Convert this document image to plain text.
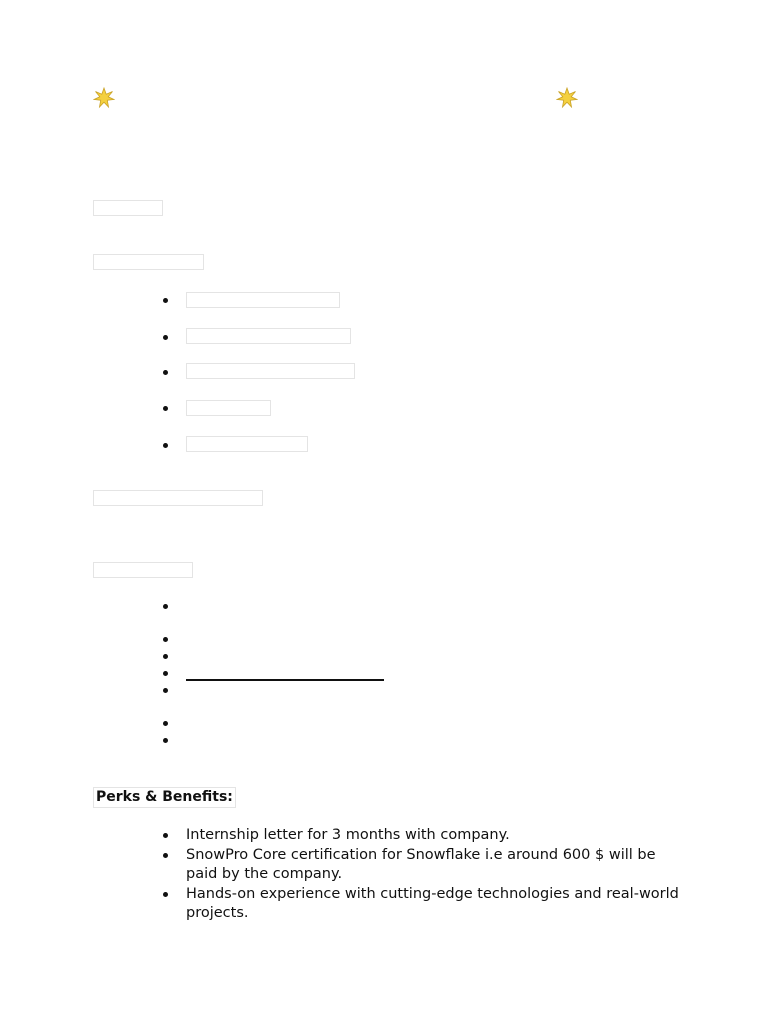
Perks & Benefits:
Internship letter for 3 months with company.
SnowPro Core certification for Snowflake i.e around 600 $ will be paid by the company.
Hands-on experience with cutting-edge technologies and real-world projects.
